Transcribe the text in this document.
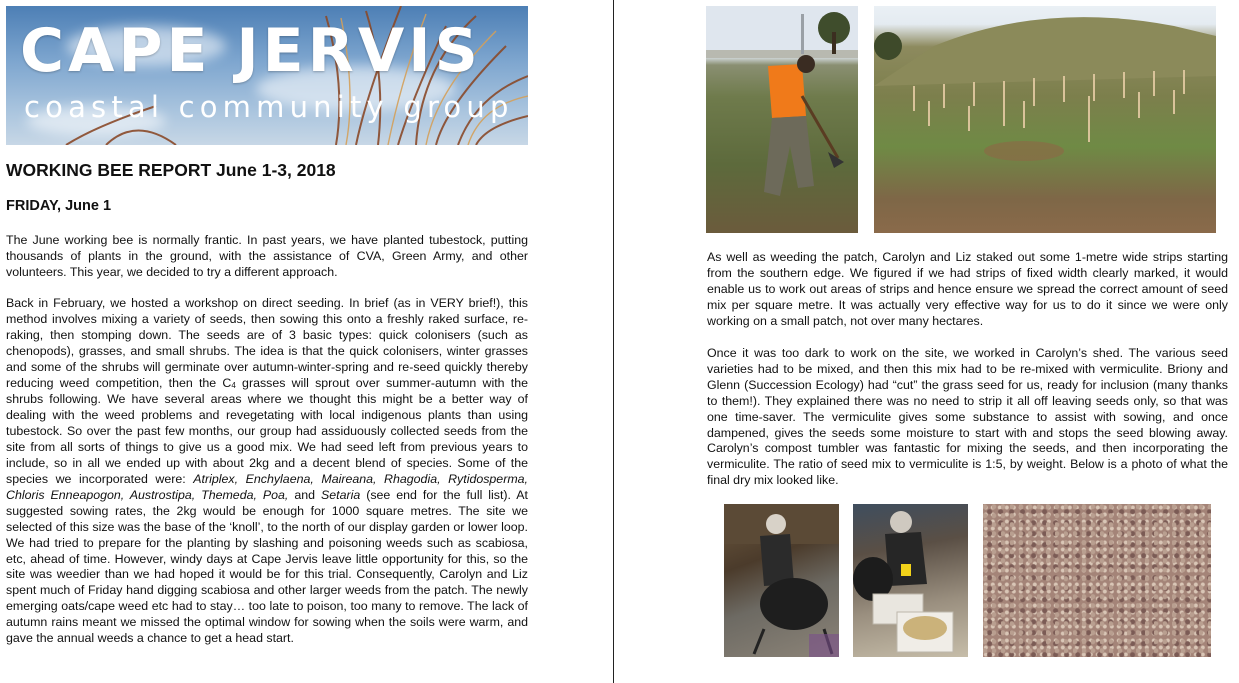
CAPE JERVIS
coastal community group
WORKING BEE REPORT June 1-3, 2018
FRIDAY, June 1

The June working bee is normally frantic. In past years, we have planted tubestock, putting thousands of plants in the ground, with the assistance of CVA, Green Army, and other volunteers. This year, we decided to try a different approach.

Back in February, we hosted a workshop on direct seeding. In brief (as in VERY brief!), this method involves mixing a variety of seeds, then sowing this onto a freshly raked surface, re-raking, then stomping down. The seeds are of 3 basic types: quick colonisers (such as chenopods), grasses, and small shrubs. The idea is that the quick colonisers, winter grasses and some of the shrubs will germinate over autumn-winter-spring and re-seed quickly thereby reducing weed competition, then the $C_4$ grasses will sprout over summer-autumn with the shrubs following. We have several areas where we thought this might be a better way of dealing with the weed problems and revegetating with local indigenous plants than using tubestock. So over the past few months, our group had assiduously collected seeds from the site from all sorts of things to give us a good mix. We had seed left from previous years to include, so in all we ended up with about 2kg and a decent blend of species. Some of the species we incorporated were: Atriplex, Enchylaena, Maireana, Rhagodia, Rytidosperma, Chloris Enneapogon, Austrostipa, Themeda, Poa, and Setaria (see end for the full list). At suggested sowing rates, the 2kg would be enough for 1000 square metres. The site we selected of this size was the base of the ‘knoll’, to the north of our display garden or lower loop. We had tried to prepare for the planting by slashing and poisoning weeds such as scabiosa, etc, ahead of time. However, windy days at Cape Jervis leave little opportunity for this, so the site was weedier than we had hoped it would be for this trial. Consequently, Carolyn and Liz spent much of Friday hand digging scabiosa and other larger weeds from the patch. The newly emerging oats/cape weed etc had to stay… too late to poison, too many to remove. The lack of autumn rains meant we missed the optimal window for sowing when the soils were warm, and gave the annual weeds a chance to get a head start.

As well as weeding the patch, Carolyn and Liz staked out some 1-metre wide strips starting from the southern edge. We figured if we had strips of fixed width clearly marked, it would enable us to work out areas of strips and hence ensure we spread the correct amount of seed mix per square metre. It was actually very effective way for us to do it since we were only working on a small patch, not over many hectares.

Once it was too dark to work on the site, we worked in Carolyn’s shed. The various seed varieties had to be mixed, and then this mix had to be re-mixed with vermiculite. Briony and Glenn (Succession Ecology) had “cut” the grass seed for us, ready for inclusion (many thanks to them!). They explained there was no need to strip it all off leaving seeds only, so that was one time-saver. The vermiculite gives some substance to assist with sowing, and once dampened, gives the seeds some moisture to start with and stops the seed blowing away. Carolyn’s compost tumbler was fantastic for mixing the seeds, and then incorporating the vermiculite. The ratio of seed mix to vermiculite is 1:5, by weight. Below is a photo of what the final dry mix looked like.
